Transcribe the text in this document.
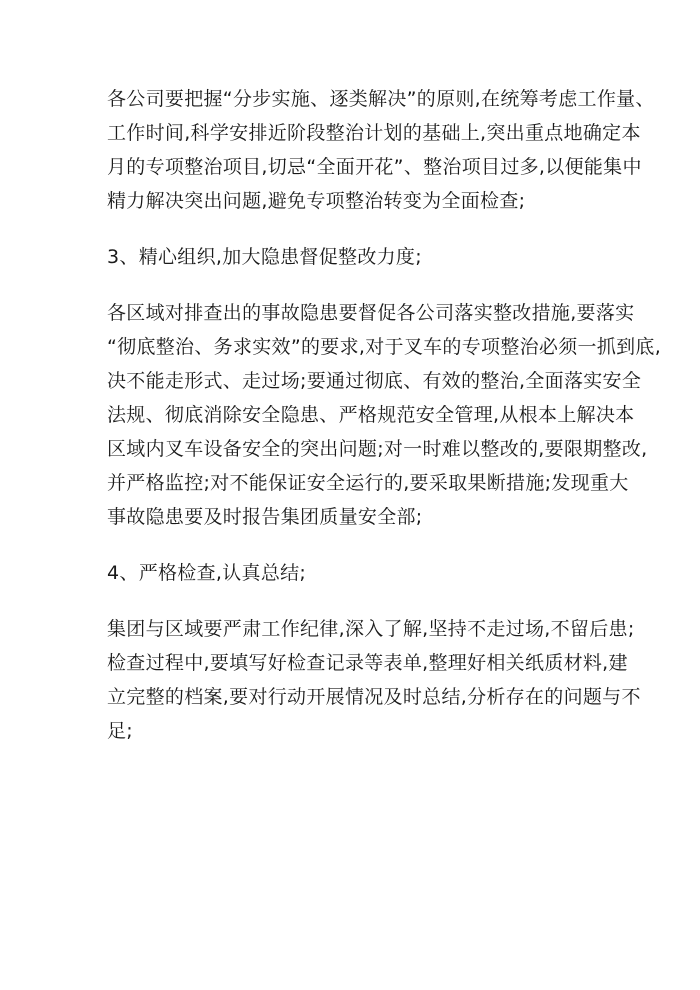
各公司要把握“分步实施、逐类解决”的原则,在统筹考虑工作量、
工作时间,科学安排近阶段整治计划的基础上,突出重点地确定本
月的专项整治项目,切忌“全面开花”、整治项目过多,以便能集中
精力解决突出问题,避免专项整治转变为全面检查;
3、精心组织,加大隐患督促整改力度;
各区域对排查出的事故隐患要督促各公司落实整改措施,要落实
“彻底整治、务求实效”的要求,对于叉车的专项整治必须一抓到底,
决不能走形式、走过场;要通过彻底、有效的整治,全面落实安全
法规、彻底消除安全隐患、严格规范安全管理,从根本上解决本
区域内叉车设备安全的突出问题;对一时难以整改的,要限期整改,
并严格监控;对不能保证安全运行的,要采取果断措施;发现重大
事故隐患要及时报告集团质量安全部;
4、严格检查,认真总结;
集团与区域要严肃工作纪律,深入了解,坚持不走过场,不留后患;
检查过程中,要填写好检查记录等表单,整理好相关纸质材料,建
立完整的档案,要对行动开展情况及时总结,分析存在的问题与不
足;
